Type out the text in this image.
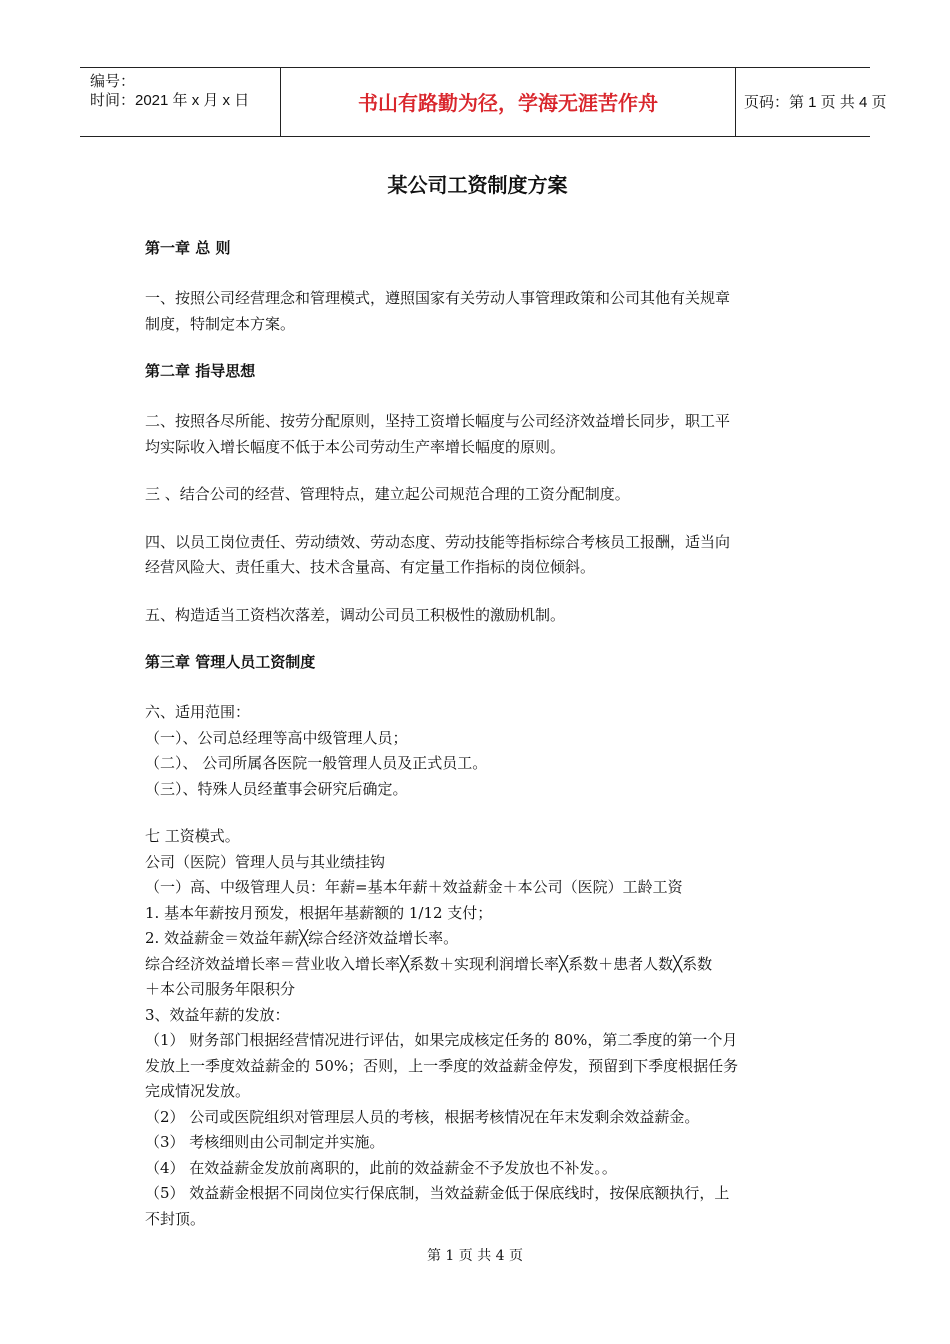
编号：
时间：2021 年 x 月 x 日	书山有路勤为径，学海无涯苦作舟	页码：第 1 页 共 4 页
某公司工资制度方案

第一章 总 则

一、按照公司经营理念和管理模式，遵照国家有关劳动人事管理政策和公司其他有关规章

制度，特制定本方案。

第二章 指导思想

二、按照各尽所能、按劳分配原则，坚持工资增长幅度与公司经济效益增长同步，职工平

均实际收入增长幅度不低于本公司劳动生产率增长幅度的原则。

三 、结合公司的经营、管理特点，建立起公司规范合理的工资分配制度。

四、以员工岗位责任、劳动绩效、劳动态度、劳动技能等指标综合考核员工报酬，适当向

经营风险大、责任重大、技术含量高、有定量工作指标的岗位倾斜。

五、构造适当工资档次落差，调动公司员工积极性的激励机制。

第三章 管理人员工资制度

六、适用范围：

（一）、公司总经理等高中级管理人员；

（二）、 公司所属各医院一般管理人员及正式员工。

（三）、特殊人员经董事会研究后确定。

七 工资模式。

公司（医院）管理人员与其业绩挂钩

（一）高、中级管理人员：年薪=基本年薪＋效益薪金＋本公司（医院）工龄工资

1. 基本年薪按月预发，根据年基薪额的 1/12 支付；

2. 效益薪金＝效益年薪╳综合经济效益增长率。

综合经济效益增长率＝营业收入增长率╳系数＋实现利润增长率╳系数＋患者人数╳系数

＋本公司服务年限积分

3、效益年薪的发放：

（1） 财务部门根据经营情况进行评估，如果完成核定任务的 80%，第二季度的第一个月

发放上一季度效益薪金的 50%；否则，上一季度的效益薪金停发，预留到下季度根据任务

完成情况发放。

（2） 公司或医院组织对管理层人员的考核，根据考核情况在年末发剩余效益薪金。

（3） 考核细则由公司制定并实施。

（4） 在效益薪金发放前离职的，此前的效益薪金不予发放也不补发。。

（5） 效益薪金根据不同岗位实行保底制，当效益薪金低于保底线时，按保底额执行，上

不封顶。

第 1 页 共 4 页
